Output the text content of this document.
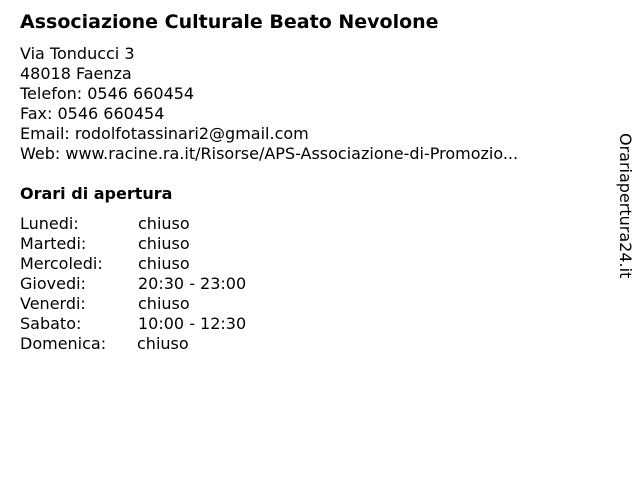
Associazione Culturale Beato Nevolone
Via Tonducci 3
48018 Faenza
Telefon: 0546 660454
Fax: 0546 660454
Email: rodolfotassinari2@gmail.com
Web: www.racine.ra.it/Risorse/APS-Associazione-di-Promozio...
Orari di apertura
Lunedi:	chiuso
Martedi:	chiuso
Mercoledi: chiuso
Giovedi:	20:30 - 23:00
Venerdi:	chiuso
Sabato:	10:00 - 12:30
Domenica: chiuso
Orariapertura24.it
